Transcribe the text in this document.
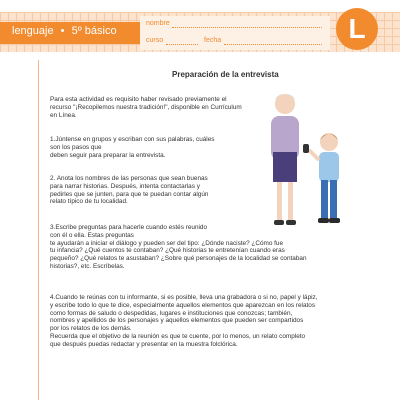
lenguaje • 5º básico
nombre
curso	fecha	L
Preparación de la entrevista
Para esta actividad es requisito haber revisado previamente el
recurso "¡Recopilemos nuestra tradición!", disponible en Currículum
en Línea.
1.Júntense en grupos y escriban con sus palabras, cuáles
son los pasos que
deben seguir para preparar la entrevista.
2. Anota los nombres de las personas que sean buenas
para narrar historias. Después, intenta contactarlas y
pedirles que se junten, para que te puedan contar algún
relato típico de tu localidad.
3.Escribe preguntas para hacerle cuando estés reunido
con él o ella. Estas preguntas
te ayudarán a iniciar el diálogo y pueden ser del tipo: ¿Dónde naciste? ¿Cómo fue
tu infancia? ¿Qué cuentos te contaban? ¿Qué historias te entretenían cuando eras
pequeño? ¿Qué relatos te asustaban? ¿Sobre qué personajes de la localidad se contaban
historias?, etc. Escríbelas.
4.Cuando te reúnas con tu informante, si es posible, lleva una grabadora o si no, papel y lápiz,
y escribe todo lo que te dice, especialmente aquellos elementos que aparezcan en los relatos
como formas de saludo o despedidas, lugares e instituciones que conozcas; también,
nombres y apellidos de los personajes y aquellos elementos que pueden ser compartidos
por los relatos de los demás.
Recuerda que el objetivo de la reunión es que te cuente, por lo menos, un relato completo
que después puedas redactar y presentar en la muestra folclórica.
